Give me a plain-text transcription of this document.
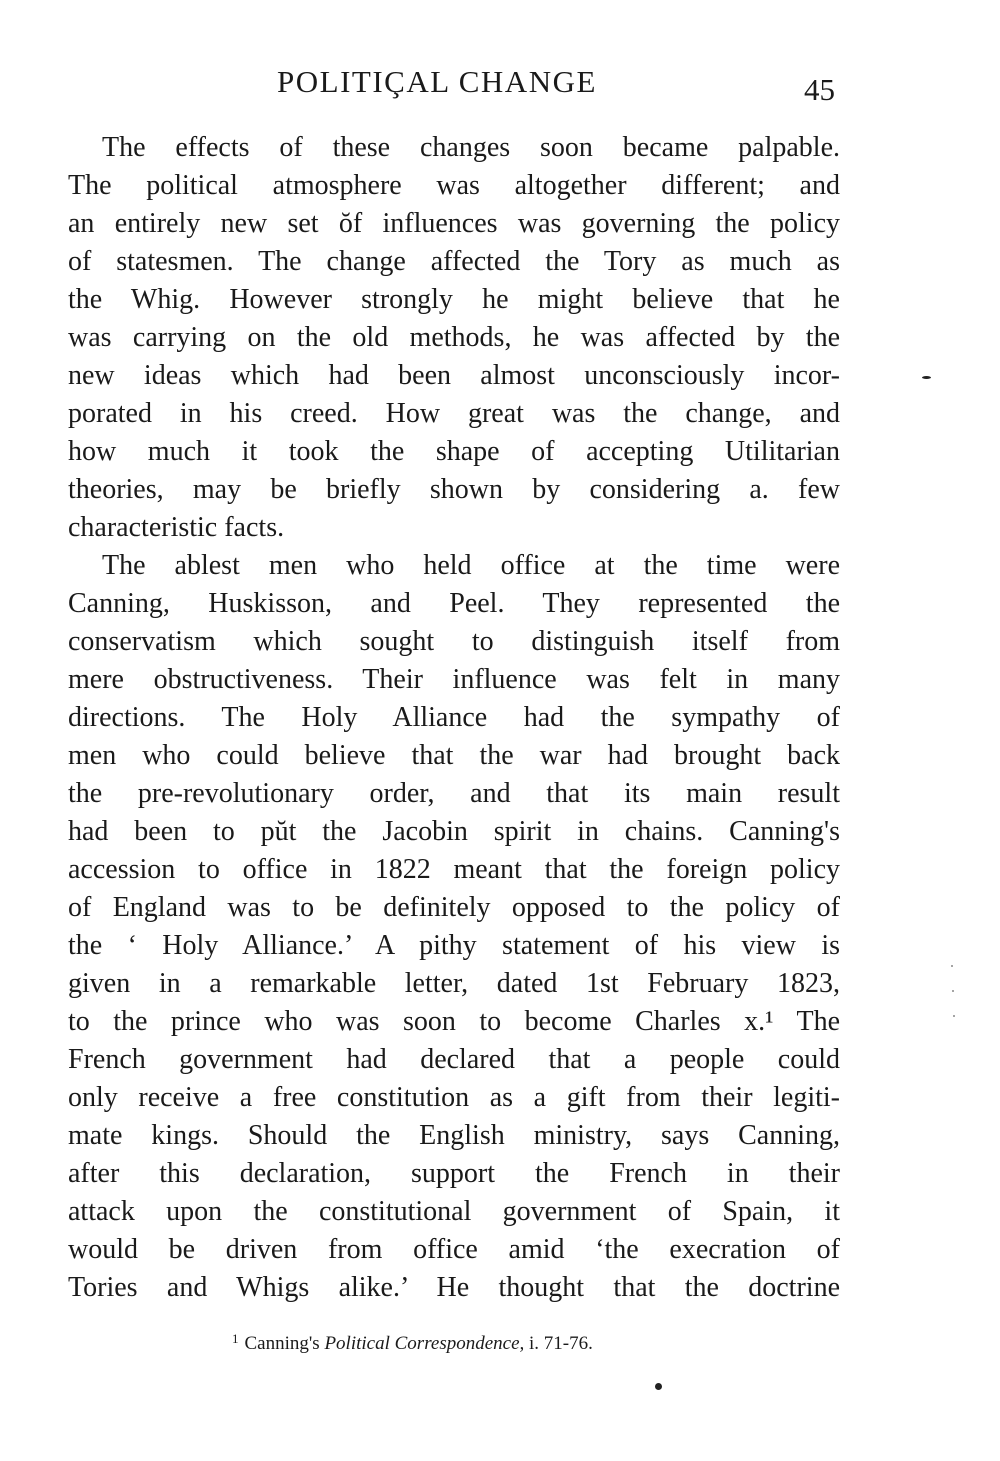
POLITIÇAL CHANGE	45
The effects of these changes soon became palpable.
The political atmosphere was altogether different; and
an entirely new set ŏf influences was governing the policy
of statesmen. The change affected the Tory as much as
the Whig. However strongly he might believe that he
was carrying on the old methods, he was affected by the
new ideas which had been almost unconsciously incor-
porated in his creed. How great was the change, and
how much it took the shape of accepting Utilitarian
theories, may be briefly shown by considering a. few
characteristic facts.
The ablest men who held office at the time were
Canning, Huskisson, and Peel. They represented the
conservatism which sought to distinguish itself from
mere obstructiveness. Their influence was felt in many
directions. The Holy Alliance had the sympathy of
men who could believe that the war had brought back
the pre-revolutionary order, and that its main result
had been to pŭt the Jacobin spirit in chains. Canning's
accession to office in 1822 meant that the foreign policy
of England was to be definitely opposed to the policy of
the ‘ Holy Alliance.’ A pithy statement of his view is
given in a remarkable letter, dated 1st February 1823,
to the prince who was soon to become Charles x.¹ The
French government had declared that a people could
only receive a free constitution as a gift from their legiti-
mate kings. Should the English ministry, says Canning,
after this declaration, support the French in their
attack upon the constitutional government of Spain, it
would be driven from office amid ‘the execration of
Tories and Whigs alike.’ He thought that the doctrine
$^1$ Canning's Political Correspondence, i. 71-76.
